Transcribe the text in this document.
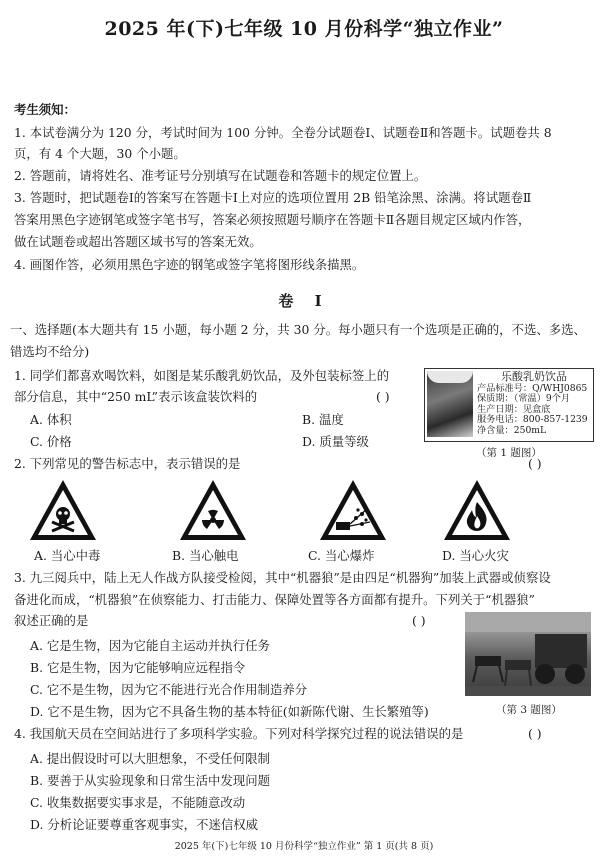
2025 年(下)七年级 10 月份科学“独立作业”
考生须知：
1. 本试卷满分为 120 分，考试时间为 100 分钟。全卷分试题卷Ⅰ、试题卷Ⅱ和答题卡。试题卷共 8
页，有 4 个大题，30 个小题。
2. 答题前，请将姓名、准考证号分别填写在试题卷和答题卡的规定位置上。
3. 答题时，把试题卷Ⅰ的答案写在答题卡Ⅰ上对应的选项位置用 2B 铅笔涂黑、涂满。将试题卷Ⅱ
答案用黑色字迹钢笔或签字笔书写，答案必须按照题号顺序在答题卡Ⅱ各题目规定区域内作答，
做在试题卷或超出答题区域书写的答案无效。
4. 画图作答，必须用黑色字迹的钢笔或签字笔将图形线条描黑。
卷 Ⅰ
一、选择题(本大题共有 15 小题，每小题 2 分，共 30 分。每小题只有一个选项是正确的，不选、多选、
错选均不给分)
1. 同学们都喜欢喝饮料，如图是某乐酸乳奶饮品，及外包装标签上的
部分信息，其中“250 mL”表示该盒装饮料的	( )
A. 体积	B. 温度
C. 价格	D. 质量等级
乐酸乳奶饮品
产品标准号：Q/WHJ0865
保质期：（常温）9个月
生产日期：见盒底
服务电话：800-857-1239
净含量：250mL
（第 1 题图）
2. 下列常见的警告标志中，表示错误的是	( )
A. 当心中毒	B. 当心触电	C. 当心爆炸	D. 当心火灾
3. 九三阅兵中，陆上无人作战方队接受检阅，其中“机器狼”是由四足“机器狗”加装上武器或侦察设
备进化而成，“机器狼”在侦察能力、打击能力、保障处置等各方面都有提升。下列关于“机器狼”
叙述正确的是	( )
A. 它是生物，因为它能自主运动并执行任务
B. 它是生物，因为它能够响应远程指令
C. 它不是生物，因为它不能进行光合作用制造养分
D. 它不是生物，因为它不具备生物的基本特征(如新陈代谢、生长繁殖等)	（第 3 题图）
4. 我国航天员在空间站进行了多项科学实验。下列对科学探究过程的说法错误的是	( )
A. 提出假设时可以大胆想象，不受任何限制
B. 要善于从实验现象和日常生活中发现问题
C. 收集数据要实事求是，不能随意改动
D. 分析论证要尊重客观事实，不迷信权威
2025 年(下)七年级 10 月份科学“独立作业” 第 1 页(共 8 页)
